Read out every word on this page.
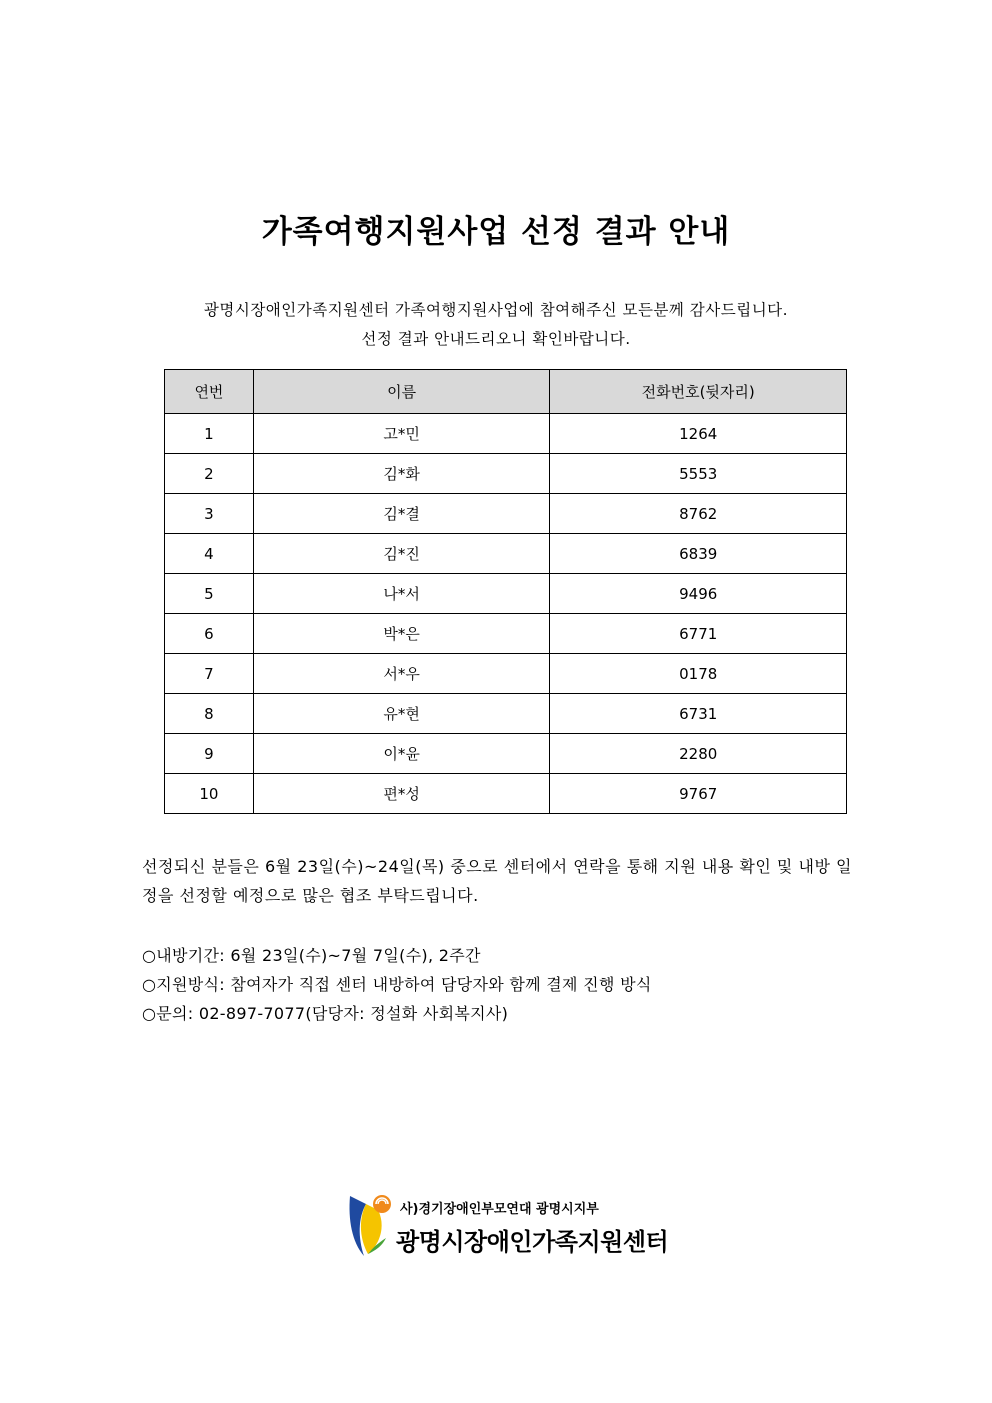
가족여행지원사업 선정 결과 안내
광명시장애인가족지원센터 가족여행지원사업에 참여해주신 모든분께 감사드립니다.
선정 결과 안내드리오니 확인바랍니다.
연번	이름	전화번호(뒷자리)
1	고*민	1264
2	김*화	5553
3	김*결	8762
4	김*진	6839
5	나*서	9496
6	박*은	6771
7	서*우	0178
8	유*현	6731
9	이*윤	2280
10	편*성	9767
선정되신 분들은 6월 23일(수)~24일(목) 중으로 센터에서 연락을 통해 지원 내용 확인 및 내방 일정을 선정할 예정으로 많은 협조 부탁드립니다.
○내방기간: 6월 23일(수)~7월 7일(수), 2주간
○지원방식: 참여자가 직접 센터 내방하여 담당자와 함께 결제 진행 방식
○문의: 02-897-7077(담당자: 정설화 사회복지사)
사)경기장애인부모연대 광명시지부
광명시장애인가족지원센터
